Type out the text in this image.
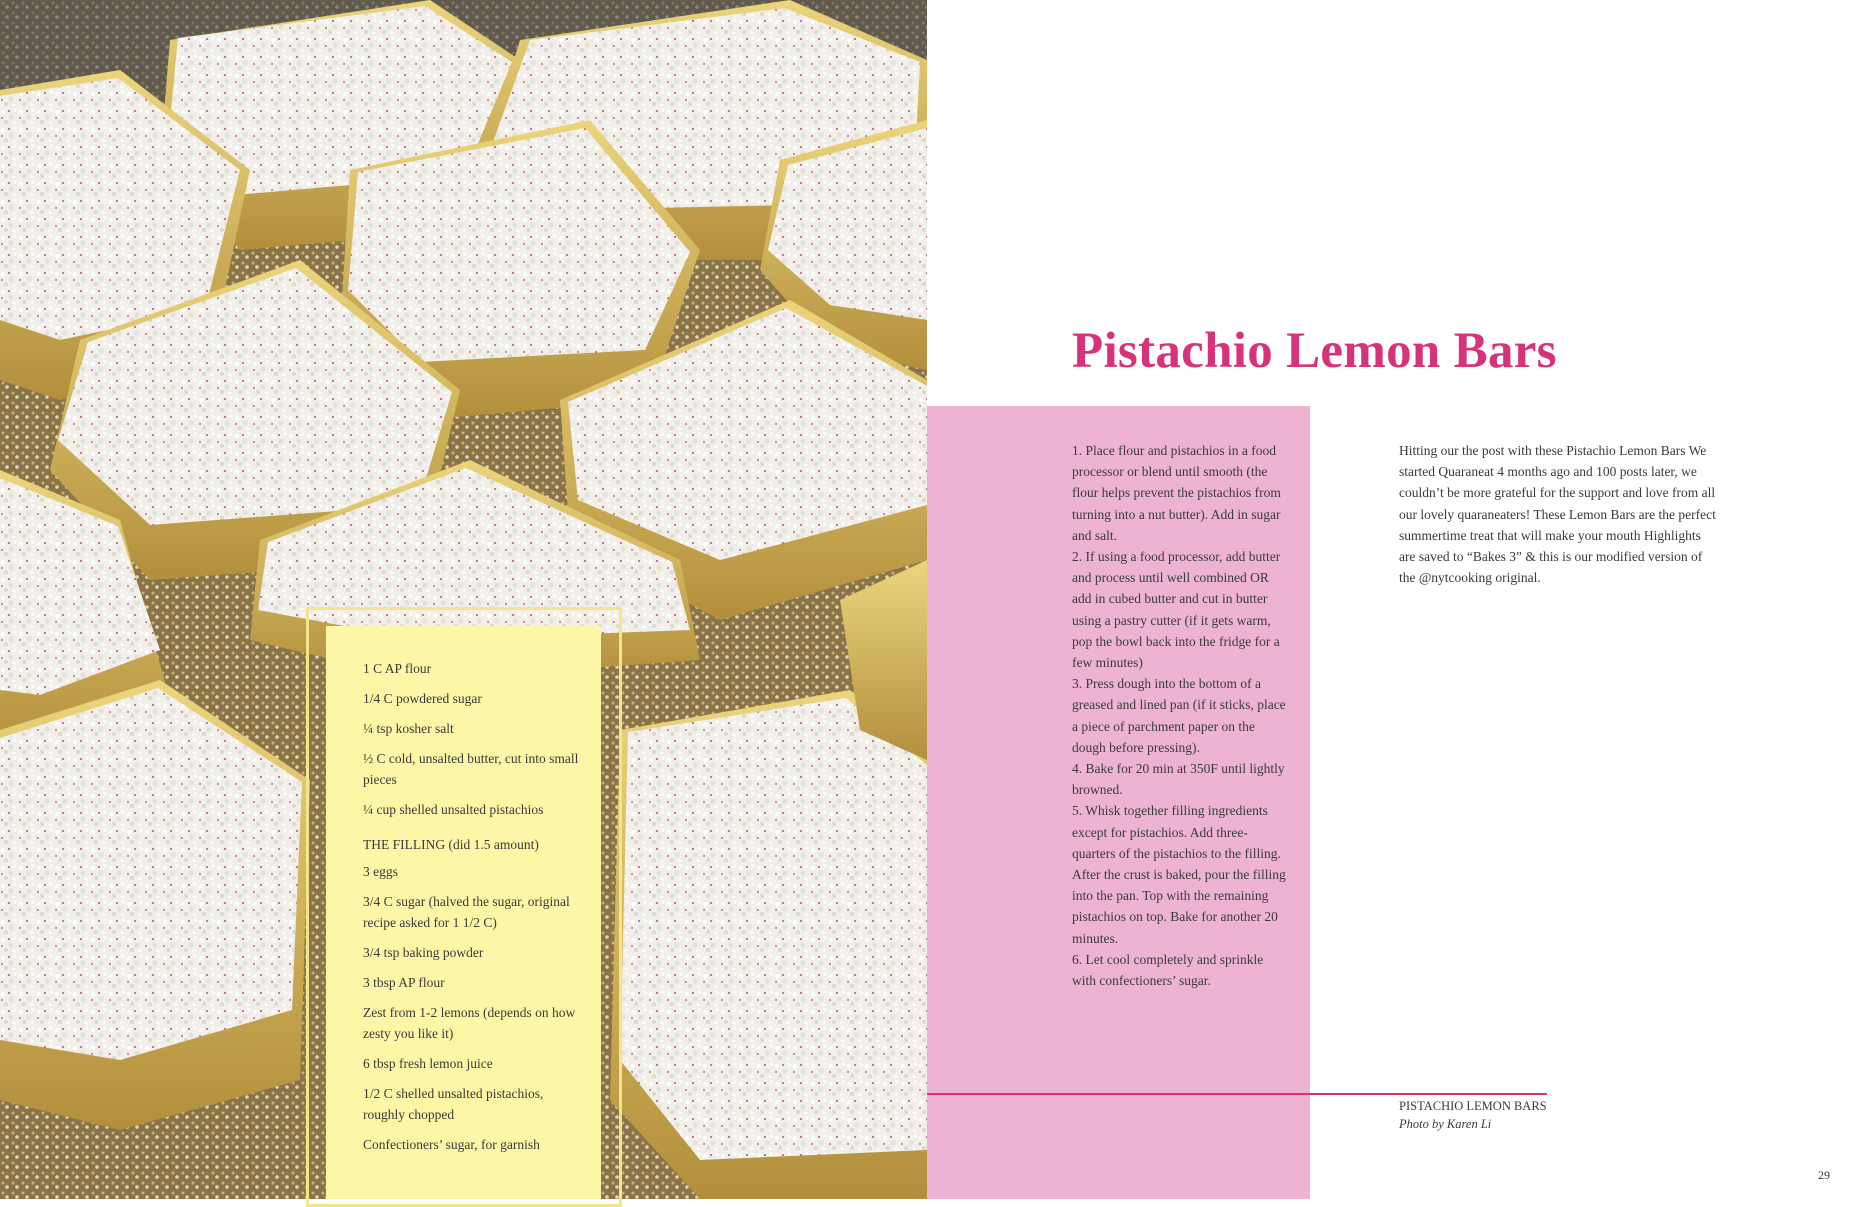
1 C AP flour
1/4 C powdered sugar
¼ tsp kosher salt
½ C cold, unsalted butter, cut into small pieces
¼ cup shelled unsalted pistachios
THE FILLING (did 1.5 amount)
3 eggs
3/4 C sugar (halved the sugar, original recipe asked for 1 1/2 C)
3/4 tsp baking powder
3 tbsp AP flour
Zest from 1-2 lemons (depends on how zesty you like it)
6 tbsp fresh lemon juice
1/2 C shelled unsalted pistachios, roughly chopped
Confectioners’ sugar, for garnish
Pistachio Lemon Bars

1. Place flour and pistachios in a food processor or blend until smooth (the flour helps prevent the pistachios from turning into a nut butter). Add in sugar and salt.

2. If using a food processor, add butter and process until well combined OR add in cubed butter and cut in butter using a pastry cutter (if it gets warm, pop the bowl back into the fridge for a few minutes)

3. Press dough into the bottom of a greased and lined pan (if it sticks, place a piece of parchment paper on the dough before pressing).

4. Bake for 20 min at 350F until lightly browned.

5. Whisk together filling ingredients except for pistachios. Add three-quarters of the pistachios to the filling. After the crust is baked, pour the filling into the pan. Top with the remaining pistachios on top. Bake for another 20 minutes.

6. Let cool completely and sprinkle with confectioners’ sugar.

Hitting our the post with these Pistachio Lemon Bars We started Quaraneat 4 months ago and 100 posts later, we couldn’t be more grateful for the support and love from all our lovely quaraneaters! These Lemon Bars are the perfect summertime treat that will make your mouth Highlights are saved to “Bakes 3” & this is our modified version of the @nytcooking original.
PISTACHIO LEMON BARS
Photo by Karen Li
29
